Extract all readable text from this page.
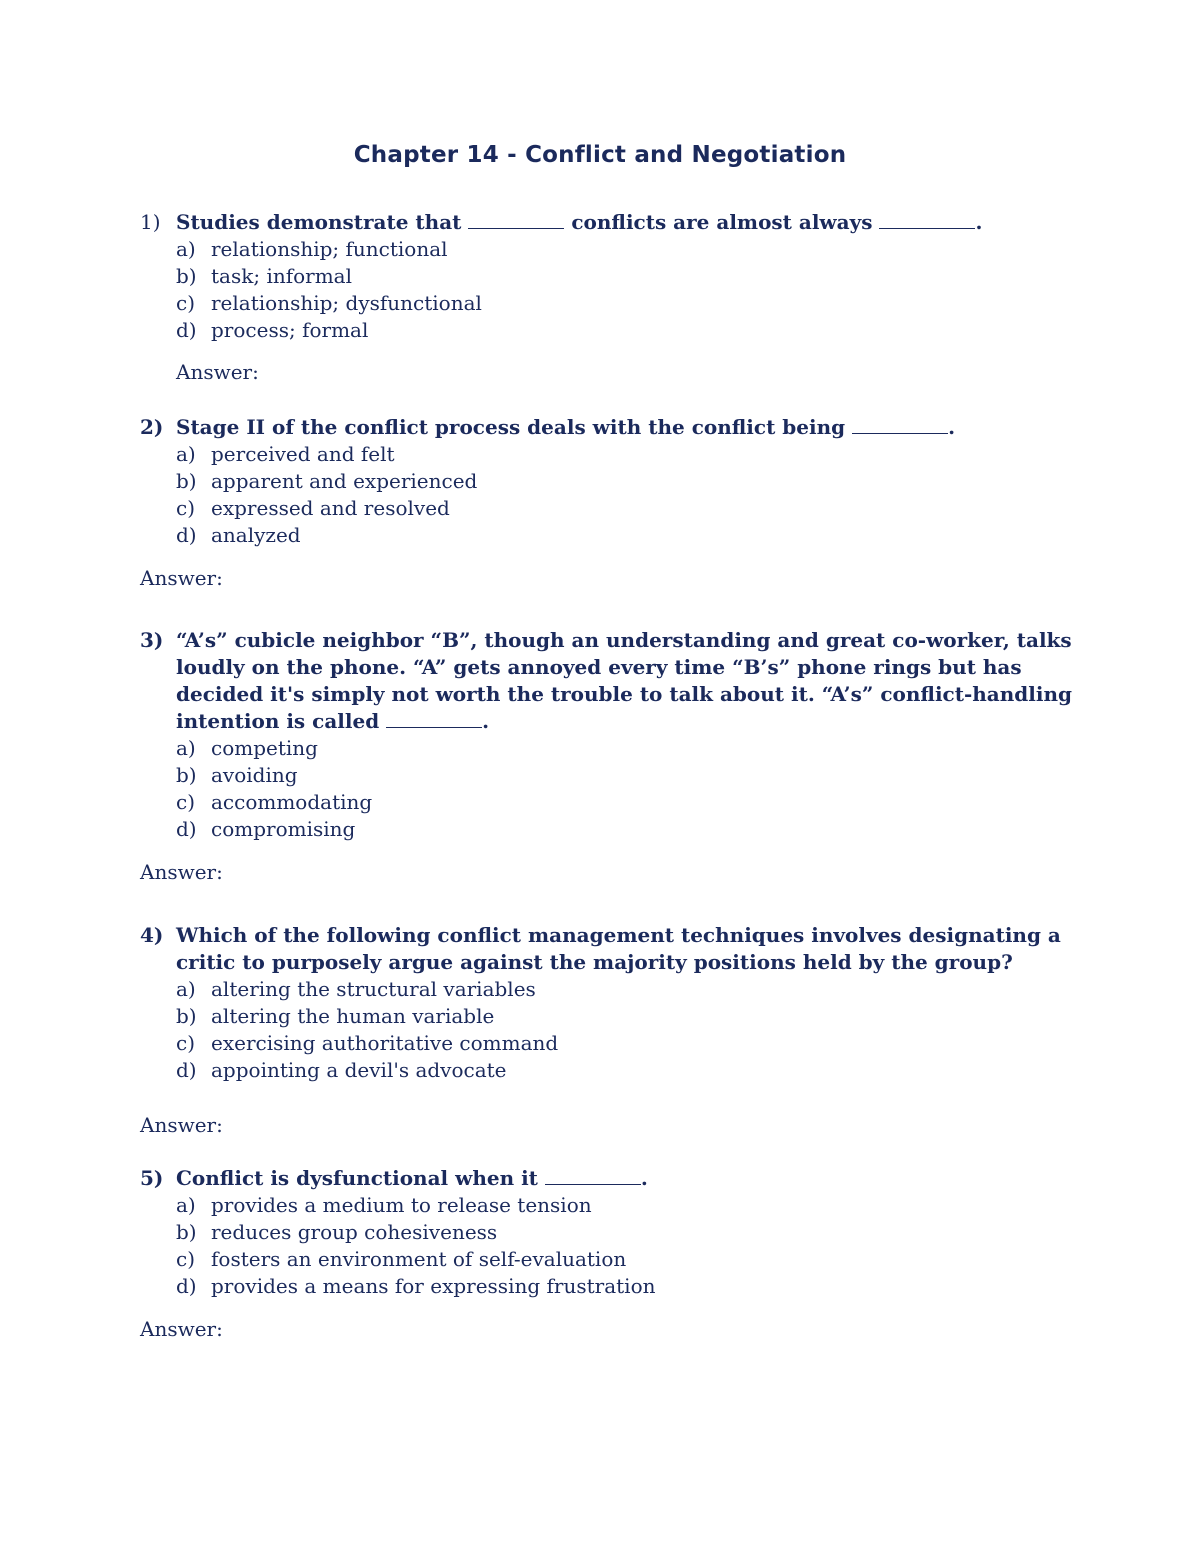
Chapter 14 - Conflict and Negotiation
1) Studies demonstrate that	conflicts are almost always	.
a) relationship; functional
b) task; informal
c) relationship; dysfunctional
d) process; formal
Answer:
2) Stage II of the conflict process deals with the conflict being	.
a) perceived and felt
b) apparent and experienced
c) expressed and resolved
d) analyzed
Answer:
3) “A’s” cubicle neighbor “B”, though an understanding and great co-worker, talks loudly on the phone. “A” gets annoyed every time “B’s” phone rings but has decided it's simply not worth the trouble to talk about it. “A’s” conflict-handling intention is called	.
a) competing
b) avoiding
c) accommodating
d) compromising
Answer:
4) Which of the following conflict management techniques involves designating a critic to purposely argue against the majority positions held by the group?
a) altering the structural variables
b) altering the human variable
c) exercising authoritative command
d) appointing a devil's advocate
Answer:
5) Conflict is dysfunctional when it	.
a) provides a medium to release tension
b) reduces group cohesiveness
c) fosters an environment of self-evaluation
d) provides a means for expressing frustration
Answer:
